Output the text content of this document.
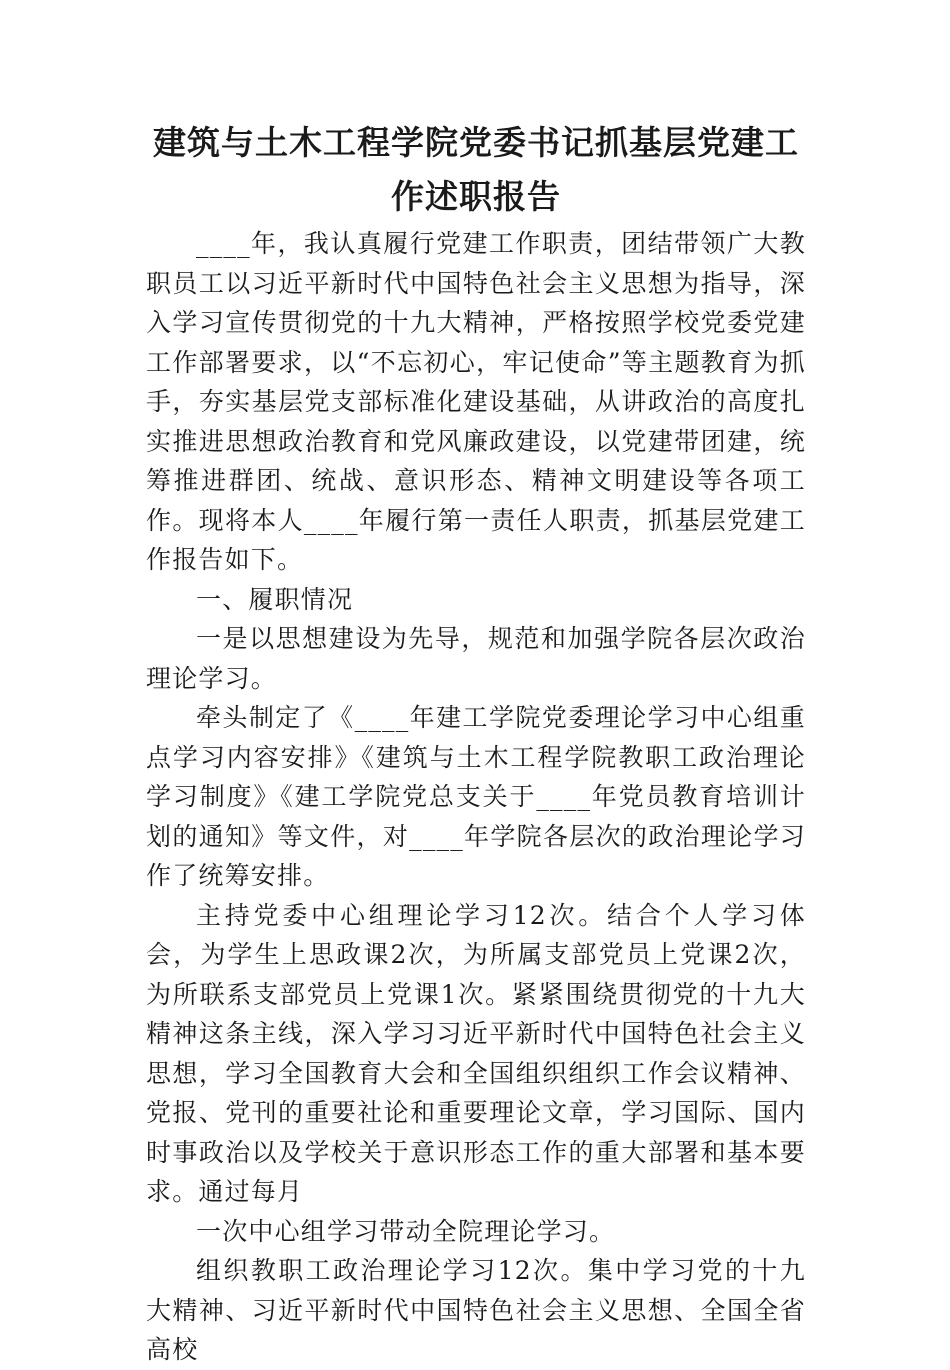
建筑与土木工程学院党委书记抓基层党建工
作述职报告

____年，我认真履行党建工作职责，团结带领广大教职员工以习近平新时代中国特色社会主义思想为指导，深入学习宣传贯彻党的十九大精神，严格按照学校党委党建工作部署要求，以“不忘初心，牢记使命”等主题教育为抓手，夯实基层党支部标准化建设基础，从讲政治的高度扎实推进思想政治教育和党风廉政建设，以党建带团建，统筹推进群团、统战、意识形态、精神文明建设等各项工作。现将本人____年履行第一责任人职责，抓基层党建工作报告如下。

一、履职情况

一是以思想建设为先导，规范和加强学院各层次政治理论学习。

牵头制定了《____年建工学院党委理论学习中心组重点学习内容安排》《建筑与土木工程学院教职工政治理论学习制度》《建工学院党总支关于____年党员教育培训计划的通知》等文件，对____年学院各层次的政治理论学习作了统筹安排。

主持党委中心组理论学习12次。结合个人学习体会，为学生上思政课2次，为所属支部党员上党课2次，为所联系支部党员上党课1次。紧紧围绕贯彻党的十九大精神这条主线，深入学习习近平新时代中国特色社会主义思想，学习全国教育大会和全国组织组织工作会议精神、党报、党刊的重要社论和重要理论文章，学习国际、国内时事政治以及学校关于意识形态工作的重大部署和基本要求。通过每月

一次中心组学习带动全院理论学习。

组织教职工政治理论学习12次。集中学习党的十九大精神、习近平新时代中国特色社会主义思想、全国全省高校
